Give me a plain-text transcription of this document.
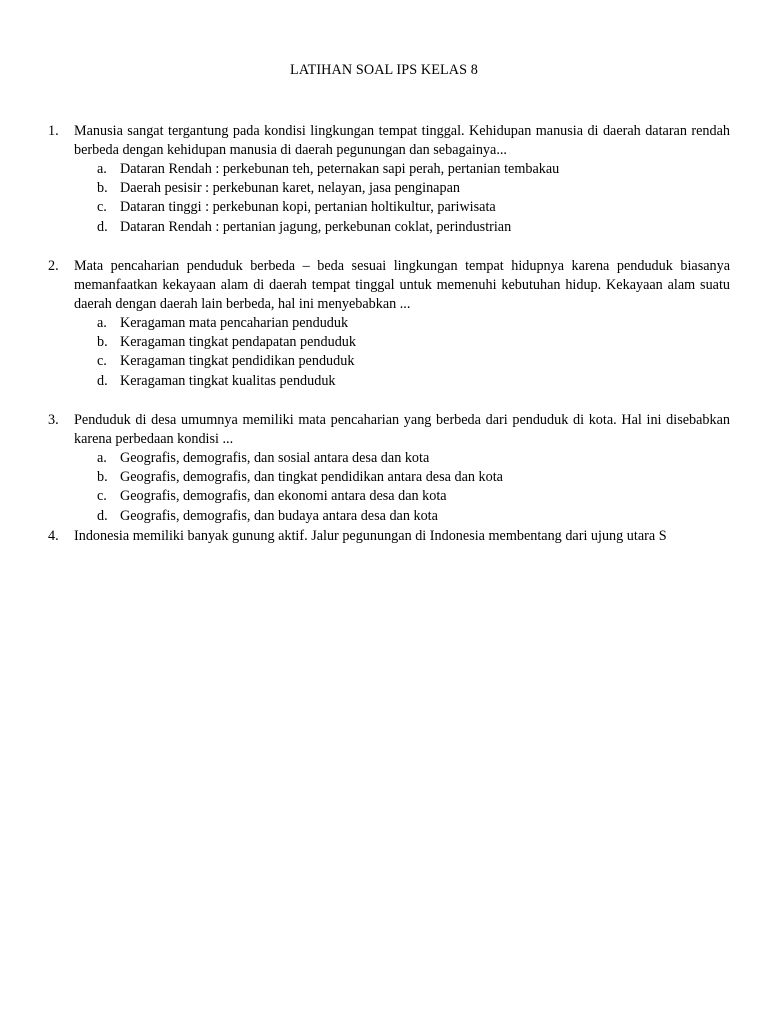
LATIHAN SOAL IPS KELAS 8
1.	Manusia sangat tergantung pada kondisi lingkungan tempat tinggal. Kehidupan manusia di daerah dataran rendah berbeda dengan kehidupan manusia di daerah pegunungan dan sebagainya...
a. Dataran Rendah : perkebunan teh, peternakan sapi perah, pertanian tembakau
b. Daerah pesisir : perkebunan karet, nelayan, jasa penginapan
c. Dataran tinggi : perkebunan kopi, pertanian holtikultur, pariwisata
d. Dataran Rendah : pertanian jagung, perkebunan coklat, perindustrian
2.	Mata pencaharian penduduk berbeda – beda sesuai lingkungan tempat hidupnya karena penduduk biasanya memanfaatkan kekayaan alam di daerah tempat tinggal untuk memenuhi kebutuhan hidup. Kekayaan alam suatu daerah dengan daerah lain berbeda, hal ini menyebabkan ...
a. Keragaman mata pencaharian penduduk
b. Keragaman tingkat pendapatan penduduk
c. Keragaman tingkat pendidikan penduduk
d. Keragaman tingkat kualitas penduduk
3.	Penduduk di desa umumnya memiliki mata pencaharian yang berbeda dari penduduk di kota. Hal ini disebabkan karena perbedaan kondisi ...
a. Geografis, demografis, dan sosial antara desa dan kota
b. Geografis, demografis, dan tingkat pendidikan antara desa dan kota
c. Geografis, demografis, dan ekonomi antara desa dan kota
d. Geografis, demografis, dan budaya antara desa dan kota
4.	Indonesia memiliki banyak gunung aktif. Jalur pegunungan di Indonesia membentang dari ujung utara S
